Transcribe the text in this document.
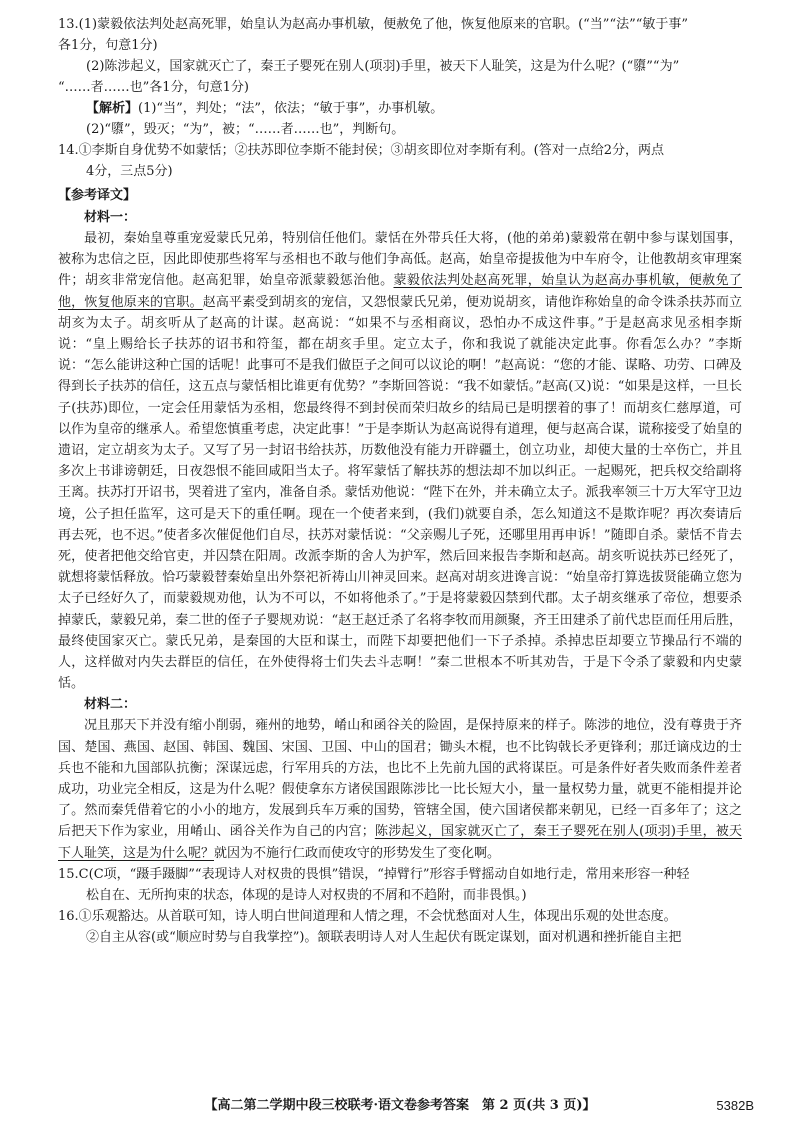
13.(1)蒙毅依法判处赵高死罪，始皇认为赵高办事机敏，便赦免了他，恢复他原来的官职。(“当”“法”“敏于事”

各1分，句意1分)

(2)陈涉起义，国家就灭亡了，秦王子婴死在别人(项羽)手里，被天下人耻笑，这是为什么呢？(“隳”“为”

“……者……也”各1分，句意1分)

【解析】(1)“当”，判处；“法”，依法；“敏于事”，办事机敏。

(2)“隳”，毁灭；“为”，被；“……者……也”，判断句。

14.①李斯自身优势不如蒙恬；②扶苏即位李斯不能封侯；③胡亥即位对李斯有利。(答对一点给2分，两点

4分，三点5分)

【参考译文】

材料一：

最初，秦始皇尊重宠爱蒙氏兄弟，特别信任他们。蒙恬在外带兵任大将，(他的弟弟)蒙毅常在朝中参与谋划国事，被称为忠信之臣，因此即使那些将军与丞相也不敢与他们争高低。赵高，始皇帝提拔他为中车府令，让他教胡亥审理案件；胡亥非常宠信他。赵高犯罪，始皇帝派蒙毅惩治他。蒙毅依法判处赵高死罪，始皇认为赵高办事机敏，便赦免了他，恢复他原来的官职。赵高平素受到胡亥的宠信，又怨恨蒙氏兄弟，便劝说胡亥，请他诈称始皇的命令诛杀扶苏而立胡亥为太子。胡亥听从了赵高的计谋。赵高说：“如果不与丞相商议，恐怕办不成这件事。”于是赵高求见丞相李斯说：“皇上赐给长子扶苏的诏书和符玺，都在胡亥手里。定立太子，你和我说了就能决定此事。你看怎么办？”李斯说：“怎么能讲这种亡国的话呢！此事可不是我们做臣子之间可以议论的啊！”赵高说：“您的才能、谋略、功劳、口碑及得到长子扶苏的信任，这五点与蒙恬相比谁更有优势？”李斯回答说：“我不如蒙恬。”赵高(又)说：“如果是这样，一旦长子(扶苏)即位，一定会任用蒙恬为丞相，您最终得不到封侯而荣归故乡的结局已是明摆着的事了！而胡亥仁慈厚道，可以作为皇帝的继承人。希望您慎重考虑，决定此事！”于是李斯认为赵高说得有道理，便与赵高合谋，谎称接受了始皇的遗诏，定立胡亥为太子。又写了另一封诏书给扶苏，历数他没有能力开辟疆土，创立功业，却使大量的士卒伤亡，并且多次上书诽谤朝廷，日夜怨恨不能回咸阳当太子。将军蒙恬了解扶苏的想法却不加以纠正。一起赐死，把兵权交给副将王离。扶苏打开诏书，哭着进了室内，准备自杀。蒙恬劝他说：“陛下在外，并未确立太子。派我率领三十万大军守卫边境，公子担任监军，这可是天下的重任啊。现在一个使者来到，(我们)就要自杀，怎么知道这不是欺诈呢？再次奏请后再去死，也不迟。”使者多次催促他们自尽，扶苏对蒙恬说：“父亲赐儿子死，还哪里用再申诉！”随即自杀。蒙恬不肯去死，使者把他交给官吏，并囚禁在阳周。改派李斯的舍人为护军，然后回来报告李斯和赵高。胡亥听说扶苏已经死了，就想将蒙恬释放。恰巧蒙毅替秦始皇出外祭祀祈祷山川神灵回来。赵高对胡亥进谗言说：“始皇帝打算选拔贤能确立您为太子已经好久了，而蒙毅规劝他，认为不可以，不如将他杀了。”于是将蒙毅囚禁到代郡。太子胡亥继承了帝位，想要杀掉蒙氏，蒙毅兄弟，秦二世的侄子子婴规劝说：“赵王赵迁杀了名将李牧而用颜聚，齐王田建杀了前代忠臣而任用后胜，最终使国家灭亡。蒙氏兄弟，是秦国的大臣和谋士，而陛下却要把他们一下子杀掉。杀掉忠臣却要立节操品行不端的人，这样做对内失去群臣的信任，在外使得将士们失去斗志啊！”秦二世根本不听其劝告，于是下令杀了蒙毅和内史蒙恬。

材料二：

况且那天下并没有缩小削弱，雍州的地势，崤山和函谷关的险固，是保持原来的样子。陈涉的地位，没有尊贵于齐国、楚国、燕国、赵国、韩国、魏国、宋国、卫国、中山的国君；锄头木棍，也不比钩戟长矛更锋利；那迁谪戍边的士兵也不能和九国部队抗衡；深谋远虑，行军用兵的方法，也比不上先前九国的武将谋臣。可是条件好者失败而条件差者成功，功业完全相反，这是为什么呢？假使拿东方诸侯国跟陈涉比一比长短大小，量一量权势力量，就更不能相提并论了。然而秦凭借着它的小小的地方，发展到兵车万乘的国势，管辖全国，使六国诸侯都来朝见，已经一百多年了；这之后把天下作为家业，用崤山、函谷关作为自己的内宫；陈涉起义，国家就灭亡了，秦王子婴死在别人(项羽)手里，被天下人耻笑，这是为什么呢？就因为不施行仁政而使攻守的形势发生了变化啊。

15.C(C项，“蹑手蹑脚”“表现诗人对权贵的畏惧”错误，“掉臂行”形容手臂摇动自如地行走，常用来形容一种轻

松自在、无所拘束的状态，体现的是诗人对权贵的不屑和不趋附，而非畏惧。)

16.①乐观豁达。从首联可知，诗人明白世间道理和人情之理，不会忧愁面对人生，体现出乐观的处世态度。

②自主从容(或“顺应时势与自我掌控”)。颔联表明诗人对人生起伏有既定谋划，面对机遇和挫折能自主把

【高二第二学期中段三校联考·语文卷参考答案　第 2 页(共 3 页)】	5382B
